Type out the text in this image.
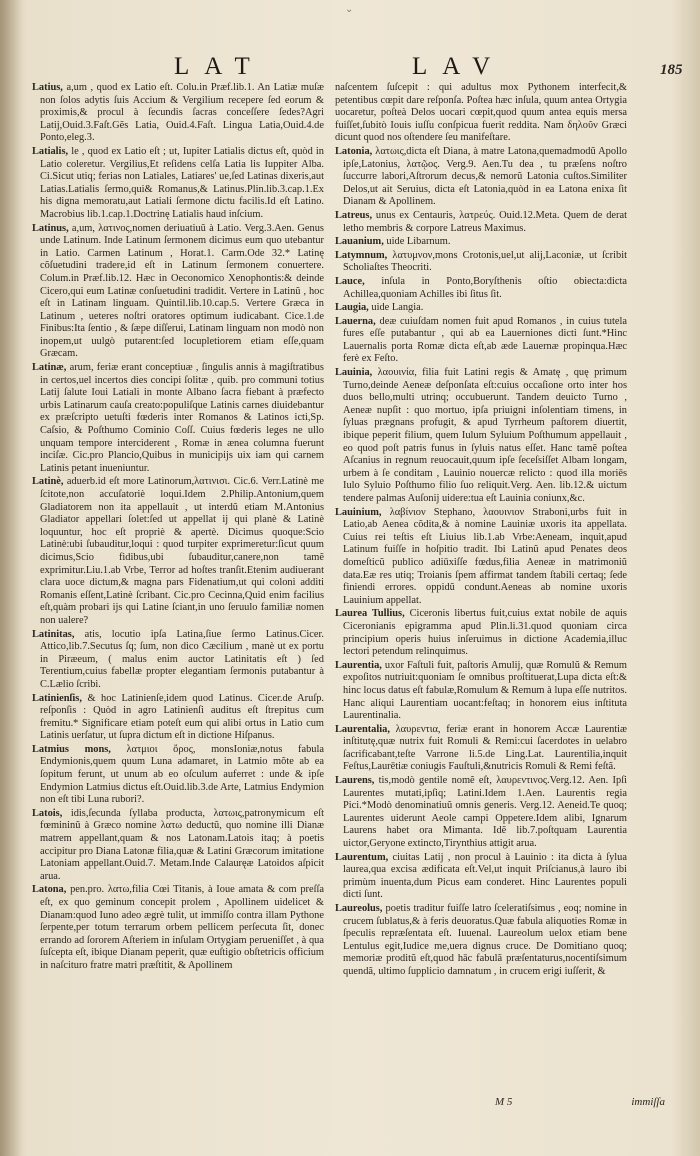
⌄
LAT	LAV	185

Latius, a,um , quod ex Latio eſt. Colu.in Præf.lib.1. An Latiæ muſæ non ſolos adytis ſuis Accium & Vergilium recepere ſed eorum & proximis,& procul à ſecundis ſacras conceſſere ſedes?Agri Latij,Ouid.3.Faſt.Gẽs Latia, Ouid.4.Faſt. Lingua Latia,Ouid.4.de Ponto,eleg.3.

Latialis, le , quod ex Latio eſt ; ut, Iupiter Latialis dictus eſt, quòd in Latio coleretur. Vergilius,Et reſidens celſa Latia lis Iuppiter Alba. Ci.Sicut utiq; ferias non Latiales, Latiares' ue,ſed Latinas dixeris,aut Latias.Latialis ſermo,qui& Romanus,& Latinus.Plin.lib.3.cap.1.Ex his digna memoratu,aut Latiali ſermone dictu facilis.Id eſt Latino. Macrobius lib.1.cap.1.Doctrinę Latialis haud inſcium.

Latinus, a,um, λατινος,nomen deriuatiuũ à Latio. Verg.3.Aen. Genus unde Latinum. Inde Latinum ſermonem dicimus eum quo utebantur in Latio. Carmen Latinum , Horat.1. Carm.Ode 32.* Latinę cõſuetudini tradere,id eſt in Latinum ſermonem conuertere. Colum.in Præf.lib.12. Hæc in Oeconomico Xenophontis:& deinde Cicero,qui eum Latinæ conſuetudini tradidit. Vertere in Latinũ , hoc eſt in Latinam linguam. Quintil.lib.10.cap.5. Vertere Græca in Latinum , ueteres noſtri oratores optimum iudicabant. Cice.1.de Finibus:Ita ſentio , & ſæpe diſſerui, Latinam linguam non modò non inopem,ut uulgò putarent:ſed locupletiorem etiam eſſe,quam Græcam.

Latinæ, arum, feriæ erant conceptiuæ , ſingulis annis à magiſtratibus in certos,uel incertos dies concipi ſolitæ , quib. pro communi totius Latij ſalute Ioui Latiali in monte Albano ſacra fiebant à præfecto urbis Latinarum cauſa creato:populiſque Latinis carnes diuidebantur ex præſcripto uetuſti fœderis inter Romanos & Latinos icti,Sp. Caſsio, & Poſthumo Cominio Coſſ. Cuius fœderis leges ne ullo unquam tempore interciderent , Romæ in ænea columna fuerunt inciſæ. Cic.pro Plancio,Quibus in municipijs uix iam qui carnem Latinis petant inueniuntur.

Latinè, aduerb.id eſt more Latinorum,λατινισι. Cic.6. Verr.Latinè me ſcitote,non accuſatoriè loqui.Idem 2.Philip.Antonium,quem Gladiatorem non ita appellauit , ut interdũ etiam M.Antonius Gladiator appellari ſolet:ſed ut appellat ij qui planè & Latinè loquuntur, hoc eſt propriè & apertè. Dicimus quoque:Scio Latinè:ubi ſubauditur,loqui : quod turpiter exprimeretur:ſicut quum dicimus,Scio fidibus,ubi ſubauditur,canere,non tamẽ exprimitur.Liu.1.ab Vrbe, Terror ad hoſtes tranſit.Etenim audiuerant clara uoce dictum,& magna pars Fidenatium,ut qui coloni additi Romanis eſſent,Latinè ſcribant. Cic.pro Cecinna,Quid enim facilius eſt,quàm probari ijs qui Latine ſciant,in uno ſeruulo familiæ nomen non ualere?

Latinitas, atis, locutio ipſa Latina,ſiue ſermo Latinus.Cicer. Attico,lib.7.Secutus ſq; ſum, non dico Cæcilium , manè ut ex portu in Piræeum, ( malus enim auctor Latinitatis eſt ) ſed Terentium,cuius fabellæ propter elegantiam ſermonis putabantur à C.Lælio ſcribi.

Latinienſis, & hoc Latinienſe,idem quod Latinus. Cicer.de Aruſp. reſponſis : Quòd in agro Latinienſi auditus eſt ſtrepitus cum fremitu.* Significare etiam poteſt eum qui alibi ortus in Latio cum Latinis uerſatur, ut ſupra dictum eſt in dictione Hiſpanus.

Latmius mons, λατμιοι ὄρος, monsIoniæ,notus fabula Endymionis,quem quum Luna adamaret, in Latmio mõte ab ea ſopitum ferunt, ut unum ab eo oſculum auferret : unde & ipſe Endymion Latmius dictus eſt.Ouid.lib.3.de Arte, Latmius Endymion non eſt tibi Luna rubori?.

Latois, idis,ſecunda ſyllaba producta, λατωις,patronymicum eſt fœmininũ à Græco nomine λατω deductũ, quo nomine illi Dianæ matrem appellant,quam & nos Latonam.Latois itaq; à poetis accipitur pro Diana Latonæ filia,quæ & Latini Græcorum imitatione Latoniam appellant.Ouid.7. Metam.Inde Calauręæ Latoidos aſpicit arua.

Latona, pen.pro. λατω,filia Cœi Titanis, à Ioue amata & com preſſa eſt, ex quo geminum concepit prolem , Apollinem uidelicet & Dianam:quod Iuno adeo ægrè tulit, ut immiſſo contra illam Pythone ſerpente,per totum terrarum orbem pellicem perſecuta ſit, donec errando ad ſororem Aſteriem in inſulam Ortygiam perueniſſet , à qua ſuſcepta eſt, ibique Dianam peperit, quæ euſtigio obſtetricis officium in naſcituro fratre matri præſtitit, & Apollinem

naſcentem ſuſcepit : qui adultus mox Pythonem interfecit,& petentibus cœpit dare reſponſa. Poſtea hæc inſula, quum antea Ortygia uocaretur, poſteà Delos uocari cœpit,quod quum antea equis mersa fuiſſet,ſubitò Iouis iuſſu conſpicua fuerit reddita. Nam δηλοῦν Græci dicunt quod nos oſtendere ſeu manifeſtare.

Latonia, λατωις,dicta eſt Diana, à matre Latona,quemadmodũ Apollo ipſe,Latonius, λατῷος. Verg.9. Aen.Tu dea , tu præſens noſtro ſuccurre labori,Aſtrorum decus,& nemorũ Latonia cuſtos.Similiter Delos,ut ait Seruius, dicta eſt Latonia,quòd in ea Latona enixa ſit Dianam & Apollinem.

Latreus, unus ex Centauris, λατρεύς. Ouid.12.Meta. Quem de derat letho membris & corpore Latreus Maximus.

Lauanium, uide Libarnum.

Latymnum, λατυμνον,mons Crotonis,uel,ut alij,Laconiæ, ut ſcribit Scholiaſtes Theocriti.

Lauce, inſula in Ponto,Boryſthenis oſtio obiecta:dicta Achillea,quoniam Achilles ibi ſitus ſit.

Laugia, uide Langia.

Lauerna, deæ cuiuſdam nomen fuit apud Romanos , in cuius tutela fures eſſe putabantur , qui ab ea Lauerniones dicti ſunt.*Hinc Lauernalis porta Romæ dicta eſt,ab æde Lauernæ propinqua.Hæc ferè ex Feſto.

Lauinia, λαουινία, filia fuit Latini regis & Amatę , quę primum Turno,deinde Aeneæ deſponſata eſt:cuius occaſione orto inter hos duos bello,multi utrinq; occubuerunt. Tandem deuicto Turno , Aeneæ nupſit : quo mortuo, ipſa priuigni inſolentiam timens, in ſyluas prægnans profugit, & apud Tyrrheum paſtorem diuertit, ibique peperit filium, quem Iulum Syluium Poſthumum appellauit , eo quod poſt patris funus in ſyluis natus eſſet. Hanc tamẽ poſtea Aſcanius in regnum reuocauit,quum ipſe ſeceſsiſſet Albam longam, urbem à ſe conditam , Lauinio nouercæ relicto : quod illa moriēs Iulo Syluio Poſthumo filio ſuo reliquit.Verg. Aen. lib.12.& uictum tendere palmas Auſonij uidere:tua eſt Lauinia coniunx,&c.

Lauinium, λαβίνιον Stephano, λαουινιον Straboni,urbs fuit in Latio,ab Aenea cõdita,& à nomine Lauiniæ uxoris ita appellata. Cuius rei teſtis eſt Liuius lib.1.ab Vrbe:Aeneam, inquit,apud Latinum fuiſſe in hoſpitio tradit. Ibi Latinũ apud Penates deos domeſticũ publico adiūxiſſe fœdus,filia Aeneæ in matrimoniũ data.Eæ res utiq; Troianis ſpem affirmat tandem ſtabili certaq; ſede finiendi errores. oppidũ condunt.Aeneas ab nomine uxoris Lauinium appellat.

Laurea Tullius, Ciceronis libertus fuit,cuius extat nobile de aquis Ciceronianis epigramma apud Plin.li.31.quod quoniam circa principium operis huius inſeruimus in dictione Academia,illuc lectori petendum relinquimus.

Laurentia, uxor Faſtuli fuit, paſtoris Amulij, quæ Romulũ & Remum expoſitos nutriuit:quoniam ſe omnibus proſtituerat,Lupa dicta eſt:& hinc locus datus eſt fabulæ,Romulum & Remum à lupa eſſe nutritos. Hanc aliqui Laurentiam uocant:feſtaq; in honorem eius inſtituta Laurentinalia.

Laurentalia, λαυρεντια, feriæ erant in honorem Accæ Laurentiæ inſtitutę,quæ nutrix fuit Romuli & Remi:cui ſacerdotes in uelabro ſacrificabant,teſte Varrone li.5.de Ling.Lat. Laurentilia,inquit Feſtus,Laurētiæ coniugis Fauſtuli,&nutricis Romuli & Remi feſtã.

Laurens, tis,modò gentile nomẽ eſt, λαυρεντινος.Verg.12. Aen. Ipſi Laurentes mutati,ipſiq; Latini.Idem 1.Aen. Laurentis regia Pici.*Modò denominatiuũ omnis generis. Verg.12. Aeneid.Te quoq; Laurentes uiderunt Aeole campi Oppetere.Idem alibi, Ignarum Laurens habet ora Mimanta. Idẽ lib.7.poſtquam Laurentia uictor,Geryone extincto,Tirynthius attigit arua.

Laurentum, ciuitas Latij , non procul à Lauinio : ita dicta à ſylua laurea,qua excisa ædificata eſt.Vel,ut inquit Priſcianus,à lauro ibi primùm inuenta,dum Picus eam conderet. Hinc Laurentes populi dicti ſunt.

Laureolus, poetis traditur fuiſſe latro ſceleratiſsimus , eoq; nomine in crucem ſublatus,& à feris deuoratus.Quæ fabula aliquoties Romæ in ſpeculis repræſentata eſt. Iuuenal. Laureolum uelox etiam bene Lentulus egit,Iudice me,uera dignus cruce. De Domitiano quoq; memoriæ proditũ eſt,quod hāc fabulã præſentaturus,nocentiſsimum quendã, ultimo ſupplicio damnatum , in crucem erigi iuſſerit, &

M 5	immiſſa
